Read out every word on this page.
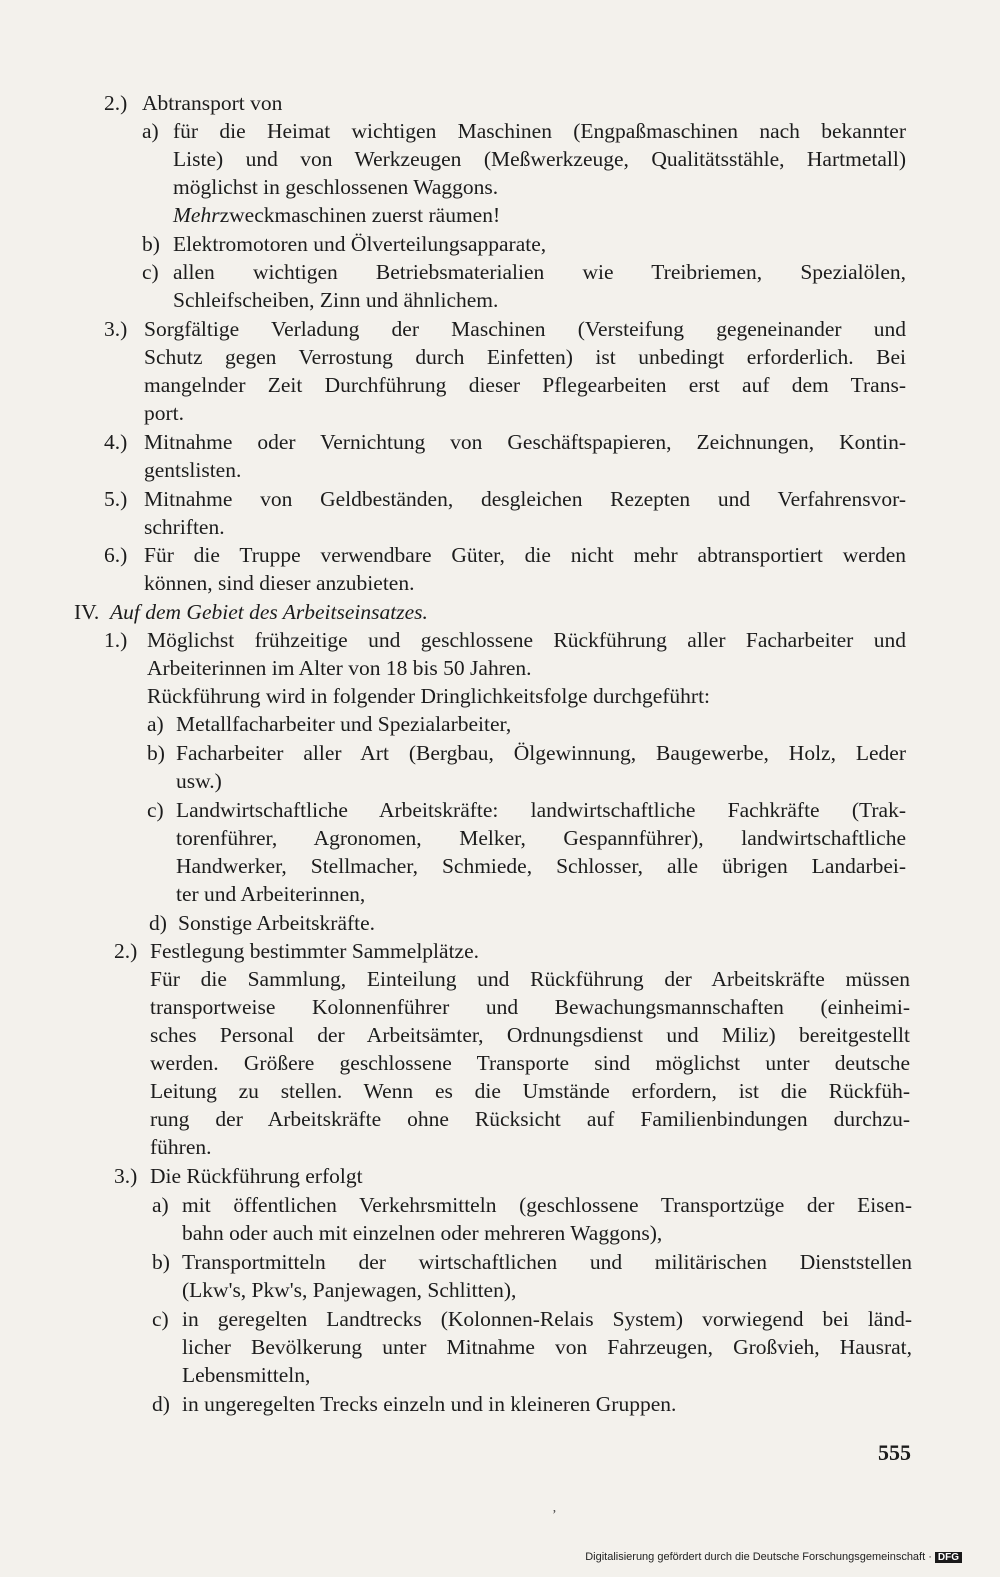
2.) Abtransport von
a) für die Heimat wichtigen Maschinen (Engpaßmaschinen nach bekannter
Liste) und von Werkzeugen (Meßwerkzeuge, Qualitätsstähle, Hartmetall)
möglichst in geschlossenen Waggons.
Mehrzweckmaschinen zuerst räumen!
b) Elektromotoren und Ölverteilungsapparate,
c) allen wichtigen Betriebsmaterialien wie Treibriemen, Spezialölen,
Schleifscheiben, Zinn und ähnlichem.
3.) Sorgfältige Verladung der Maschinen (Versteifung gegeneinander und
Schutz gegen Verrostung durch Einfetten) ist unbedingt erforderlich. Bei
mangelnder Zeit Durchführung dieser Pflegearbeiten erst auf dem Trans-
port.
4.) Mitnahme oder Vernichtung von Geschäftspapieren, Zeichnungen, Kontin-
gentslisten.
5.) Mitnahme von Geldbeständen, desgleichen Rezepten und Verfahrensvor-
schriften.
6.) Für die Truppe verwendbare Güter, die nicht mehr abtransportiert werden
können, sind dieser anzubieten.
IV. Auf dem Gebiet des Arbeitseinsatzes.
1.) Möglichst frühzeitige und geschlossene Rückführung aller Facharbeiter und
Arbeiterinnen im Alter von 18 bis 50 Jahren.
Rückführung wird in folgender Dringlichkeitsfolge durchgeführt:
a) Metallfacharbeiter und Spezialarbeiter,
b) Facharbeiter aller Art (Bergbau, Ölgewinnung, Baugewerbe, Holz, Leder
usw.)
c) Landwirtschaftliche Arbeitskräfte: landwirtschaftliche Fachkräfte (Trak-
torenführer, Agronomen, Melker, Gespannführer), landwirtschaftliche
Handwerker, Stellmacher, Schmiede, Schlosser, alle übrigen Landarbei-
ter und Arbeiterinnen,
d) Sonstige Arbeitskräfte.
2.) Festlegung bestimmter Sammelplätze.
Für die Sammlung, Einteilung und Rückführung der Arbeitskräfte müssen
transportweise Kolonnenführer und Bewachungsmannschaften (einheimi-
sches Personal der Arbeitsämter, Ordnungsdienst und Miliz) bereitgestellt
werden. Größere geschlossene Transporte sind möglichst unter deutsche
Leitung zu stellen. Wenn es die Umstände erfordern, ist die Rückfüh-
rung der Arbeitskräfte ohne Rücksicht auf Familienbindungen durchzu-
führen.
3.) Die Rückführung erfolgt
a) mit öffentlichen Verkehrsmitteln (geschlossene Transportzüge der Eisen-
bahn oder auch mit einzelnen oder mehreren Waggons),
b) Transportmitteln der wirtschaftlichen und militärischen Dienststellen
(Lkw's, Pkw's, Panjewagen, Schlitten),
c) in geregelten Landtrecks (Kolonnen-Relais System) vorwiegend bei länd-
licher Bevölkerung unter Mitnahme von Fahrzeugen, Großvieh, Hausrat,
Lebensmitteln,
d) in ungeregelten Trecks einzeln und in kleineren Gruppen.
555
ʼ
Digitalisierung gefördert durch die Deutsche Forschungsgemeinschaft · DFG
